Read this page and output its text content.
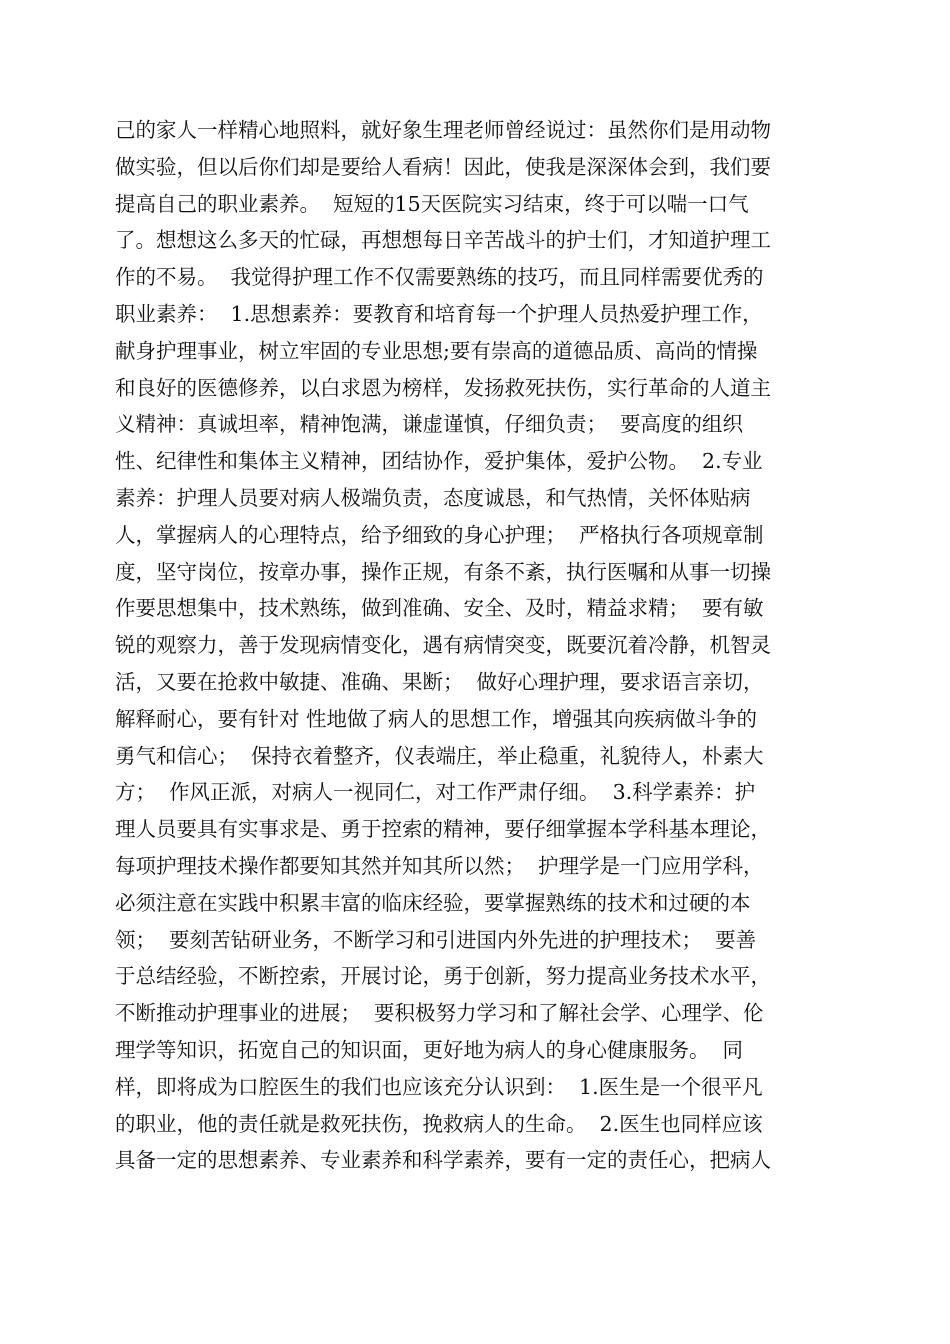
己的家人一样精心地照料，就好象生理老师曾经说过：虽然你们是用动物
做实验，但以后你们却是要给人看病！因此，使我是深深体会到，我们要
提高自己的职业素养。  短短的15天医院实习结束，终于可以喘一口气
了。想想这么多天的忙碌，再想想每日辛苦战斗的护士们，才知道护理工
作的不易。  我觉得护理工作不仅需要熟练的技巧，而且同样需要优秀的
职业素养：  1.思想素养：要教育和培育每一个护理人员热爱护理工作，
献身护理事业，树立牢固的专业思想;要有崇高的道德品质、高尚的情操
和良好的医德修养，以白求恩为榜样，发扬救死扶伤，实行革命的人道主
义精神：真诚坦率，精神饱满，谦虚谨慎，仔细负责；  要高度的组织
性、纪律性和集体主义精神，团结协作，爱护集体，爱护公物。  2.专业
素养：护理人员要对病人极端负责，态度诚恳，和气热情，关怀体贴病
人，掌握病人的心理特点，给予细致的身心护理；  严格执行各项规章制
度，坚守岗位，按章办事，操作正规，有条不紊，执行医嘱和从事一切操
作要思想集中，技术熟练，做到准确、安全、及时，精益求精；  要有敏
锐的观察力，善于发现病情变化，遇有病情突变，既要沉着冷静，机智灵
活，又要在抢救中敏捷、准确、果断；  做好心理护理，要求语言亲切，
解释耐心，要有针对 性地做了病人的思想工作，增强其向疾病做斗争的
勇气和信心；  保持衣着整齐，仪表端庄，举止稳重，礼貌待人，朴素大
方；  作风正派，对病人一视同仁，对工作严肃仔细。  3.科学素养：护
理人员要具有实事求是、勇于控索的精神，要仔细掌握本学科基本理论，
每项护理技术操作都要知其然并知其所以然；  护理学是一门应用学科，
必须注意在实践中积累丰富的临床经验，要掌握熟练的技术和过硬的本
领；  要刻苦钻研业务，不断学习和引进国内外先进的护理技术；  要善
于总结经验，不断控索，开展讨论，勇于创新，努力提高业务技术水平，
不断推动护理事业的进展；  要积极努力学习和了解社会学、心理学、伦
理学等知识，拓宽自己的知识面，更好地为病人的身心健康服务。  同
样，即将成为口腔医生的我们也应该充分认识到：  1.医生是一个很平凡
的职业，他的责任就是救死扶伤，挽救病人的生命。  2.医生也同样应该
具备一定的思想素养、专业素养和科学素养，要有一定的责任心，把病人
